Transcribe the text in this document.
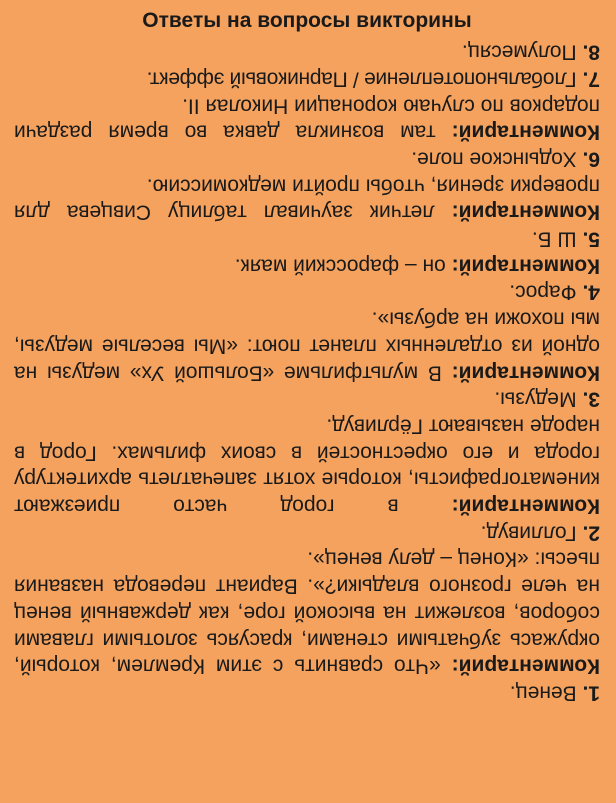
Ответы на вопросы викторины

1. Венец.

Комментарий: «Что сравнить с этим Кремлем, который, окружась зубчатыми стенами, красуясь золотыми главами соборов, возлежит на высокой горе, как державный венец на челе грозного владыки?». Вариант перевода названия пьесы: «Конец – делу венец».

2. Голливуд.

Комментарий: в город часто приезжают кинематографисты, которые хотят запечатлеть архитектуру города и его окрестностей в своих фильмах. Город в народе называют Гёрливуд.

3. Медузы.

Комментарий: В мультфильме «Большой Ух» медузы на одной из отдаленных планет поют: «Мы веселые медузы, мы похожи на арбузы».

4. Фарос.

Комментарий: он – фаросский маяк.

5. Ш Б.

Комментарий: летчик заучивал таблицу Сивцева для проверки зрения, чтобы пройти медкомиссию.

6. Ходынское поле.

Комментарий: там возникла давка во время раздачи подарков по случаю коронации Николая II.

7. Глобальнопотепление / Парниковый эффект.

8. Полумесяц.
